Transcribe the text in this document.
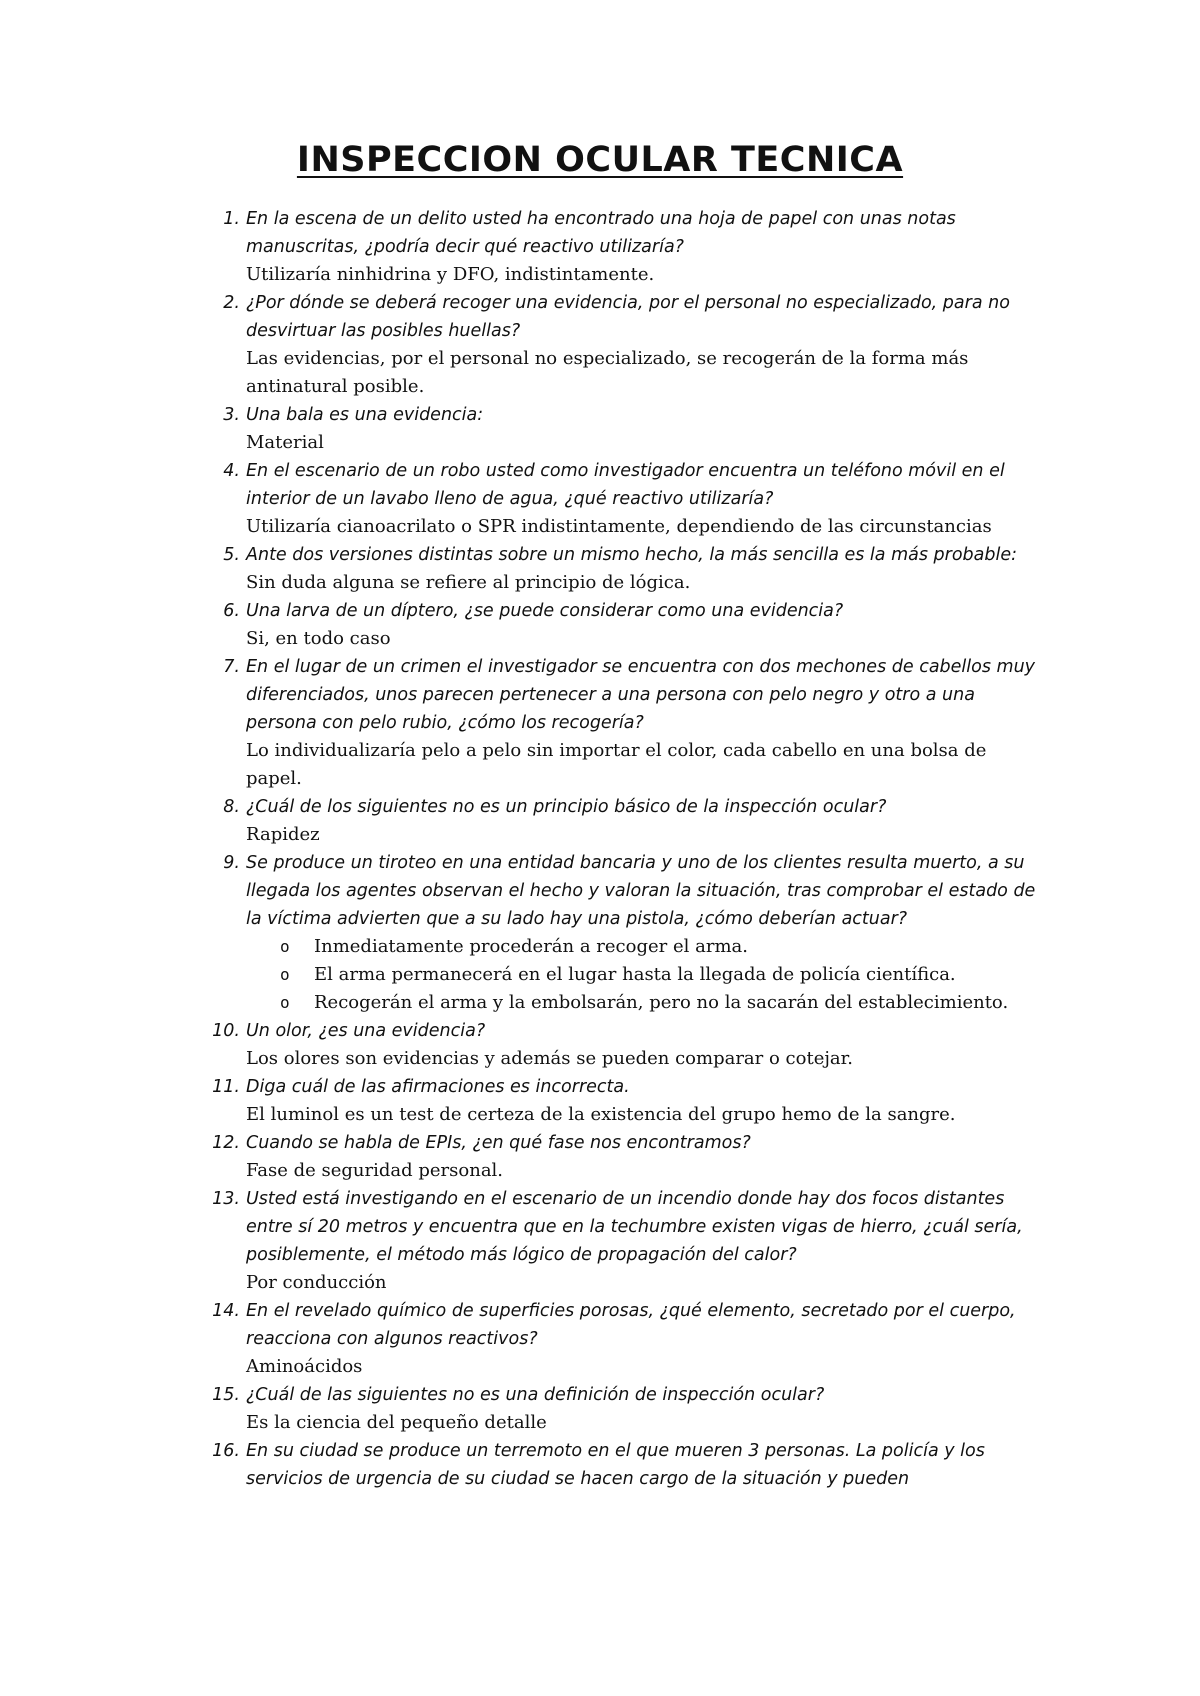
INSPECCION OCULAR TECNICA
1. En la escena de un delito usted ha encontrado una hoja de papel con unas notas manuscritas, ¿podría decir qué reactivo utilizaría?
Utilizaría ninhidrina y DFO, indistintamente.
2. ¿Por dónde se deberá recoger una evidencia, por el personal no especializado, para no desvirtuar las posibles huellas?
Las evidencias, por el personal no especializado, se recogerán de la forma más antinatural posible.
3. Una bala es una evidencia:
Material
4. En el escenario de un robo usted como investigador encuentra un teléfono móvil en el interior de un lavabo lleno de agua, ¿qué reactivo utilizaría?
Utilizaría cianoacrilato o SPR indistintamente, dependiendo de las circunstancias
5. Ante dos versiones distintas sobre un mismo hecho, la más sencilla es la más probable:
Sin duda alguna se refiere al principio de lógica.
6. Una larva de un díptero, ¿se puede considerar como una evidencia?
Si, en todo caso
7. En el lugar de un crimen el investigador se encuentra con dos mechones de cabellos muy diferenciados, unos parecen pertenecer a una persona con pelo negro y otro a una persona con pelo rubio, ¿cómo los recogería?
Lo individualizaría pelo a pelo sin importar el color, cada cabello en una bolsa de papel.
8. ¿Cuál de los siguientes no es un principio básico de la inspección ocular?
Rapidez
9. Se produce un tiroteo en una entidad bancaria y uno de los clientes resulta muerto, a su llegada los agentes observan el hecho y valoran la situación, tras comprobar el estado de la víctima advierten que a su lado hay una pistola, ¿cómo deberían actuar?
o Inmediatamente procederán a recoger el arma.
o El arma permanecerá en el lugar hasta la llegada de policía científica.
o Recogerán el arma y la embolsarán, pero no la sacarán del establecimiento.
10. Un olor, ¿es una evidencia?
Los olores son evidencias y además se pueden comparar o cotejar.
11. Diga cuál de las afirmaciones es incorrecta.
El luminol es un test de certeza de la existencia del grupo hemo de la sangre.
12. Cuando se habla de EPIs, ¿en qué fase nos encontramos?
Fase de seguridad personal.
13. Usted está investigando en el escenario de un incendio donde hay dos focos distantes entre sí 20 metros y encuentra que en la techumbre existen vigas de hierro, ¿cuál sería, posiblemente, el método más lógico de propagación del calor?
Por conducción
14. En el revelado químico de superficies porosas, ¿qué elemento, secretado por el cuerpo, reacciona con algunos reactivos?
Aminoácidos
15. ¿Cuál de las siguientes no es una definición de inspección ocular?
Es la ciencia del pequeño detalle
16. En su ciudad se produce un terremoto en el que mueren 3 personas. La policía y los servicios de urgencia de su ciudad se hacen cargo de la situación y pueden
